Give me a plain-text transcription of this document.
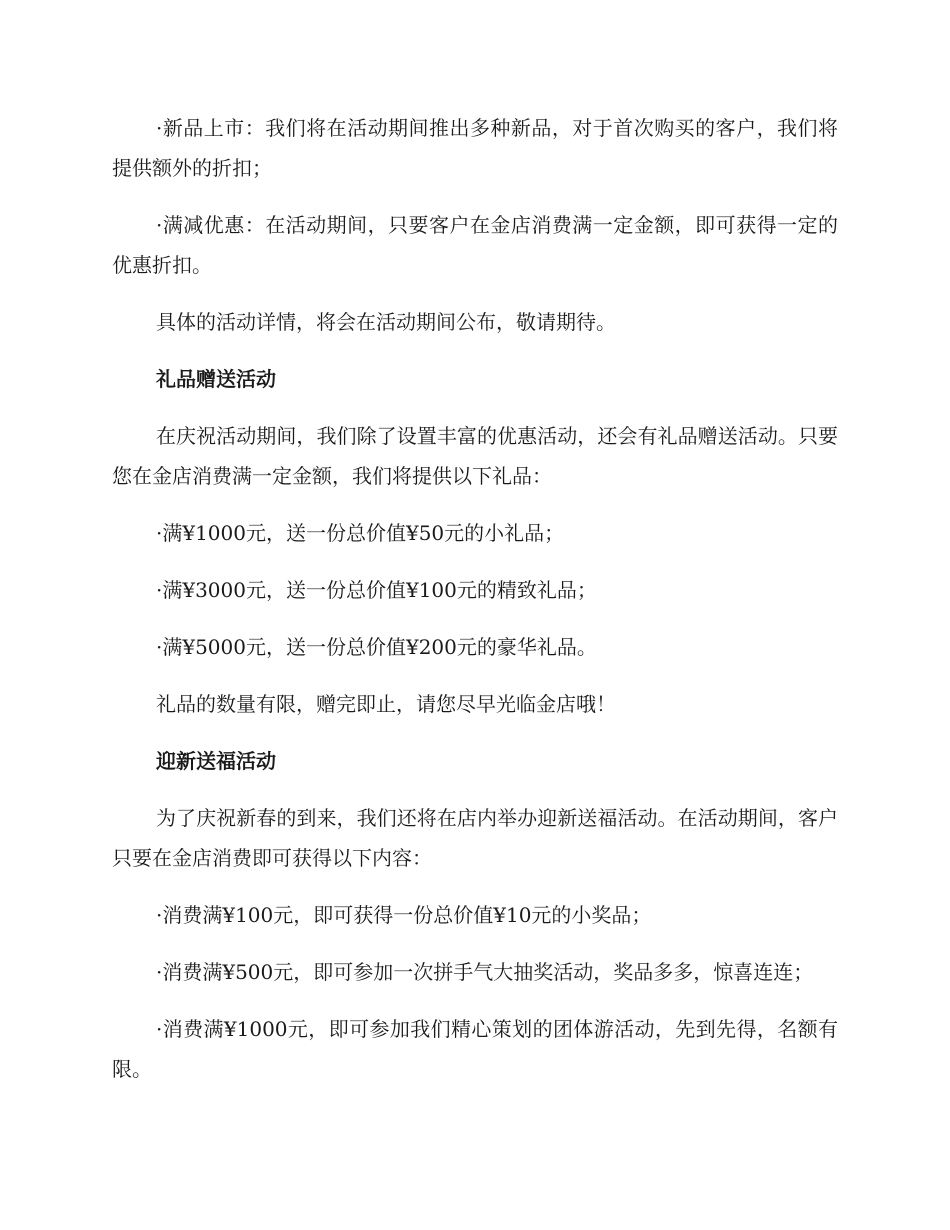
·新品上市：我们将在活动期间推出多种新品，对于首次购买的客户，我们将提供额外的折扣；

·满减优惠：在活动期间，只要客户在金店消费满一定金额，即可获得一定的优惠折扣。

具体的活动详情，将会在活动期间公布，敬请期待。

礼品赠送活动

在庆祝活动期间，我们除了设置丰富的优惠活动，还会有礼品赠送活动。只要您在金店消费满一定金额，我们将提供以下礼品：

·满¥1000元，送一份总价值¥50元的小礼品；

·满¥3000元，送一份总价值¥100元的精致礼品；

·满¥5000元，送一份总价值¥200元的豪华礼品。

礼品的数量有限，赠完即止，请您尽早光临金店哦！

迎新送福活动

为了庆祝新春的到来，我们还将在店内举办迎新送福活动。在活动期间，客户只要在金店消费即可获得以下内容：

·消费满¥100元，即可获得一份总价值¥10元的小奖品；

·消费满¥500元，即可参加一次拼手气大抽奖活动，奖品多多，惊喜连连；

·消费满¥1000元，即可参加我们精心策划的团体游活动，先到先得，名额有限。
